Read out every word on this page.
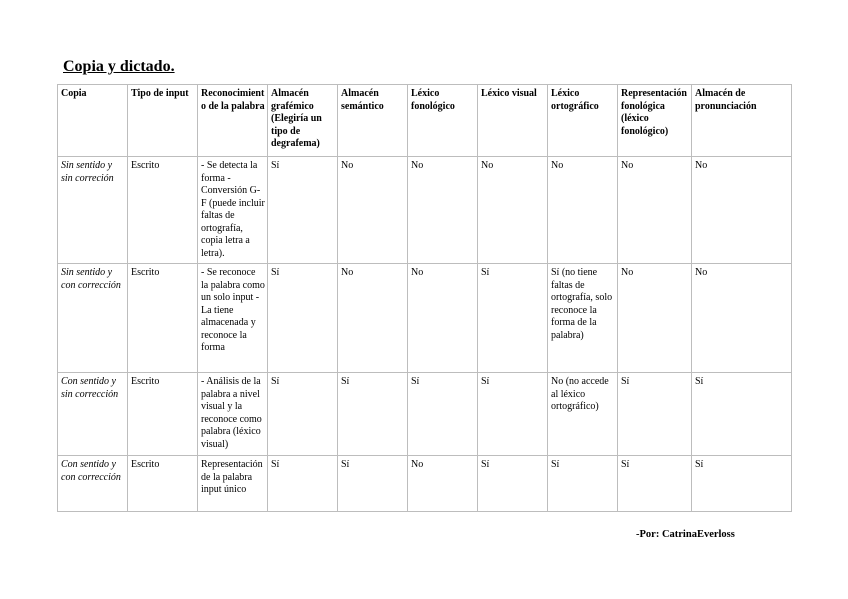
Copia y dictado.
Copia	Tipo de input	Reconocimiento de la palabra	Almacén grafémico (Elegiría un tipo de degrafema)	Almacén semántico	Léxico fonológico	Léxico visual	Léxico ortográfico	Representación fonológica (léxico fonológico)	Almacén de pronunciación
Sin sentido y sin correción	Escrito	- Se detecta la forma -Conversión G-F (puede incluir faltas de ortografía, copia letra a letra).	Sí	No	No	No	No	No	No
Sin sentido y con corrección	Escrito	- Se reconoce la palabra como un solo input - La tiene almacenada y reconoce la forma	Sí	No	No	Sí	Sí (no tiene faltas de ortografía, solo reconoce la forma de la palabra)	No	No
Con sentido y sin corrección	Escrito	- Análisis de la palabra a nivel visual y la reconoce como palabra (léxico visual)	Sí	Sí	Sí	Sí	No (no accede al léxico ortográfico)	Sí	Sí
Con sentido y con corrección	Escrito	Representación de la palabra input único	Sí	Sí	No	Sí	Sí	Sí	Sí
-Por: CatrinaEverloss
